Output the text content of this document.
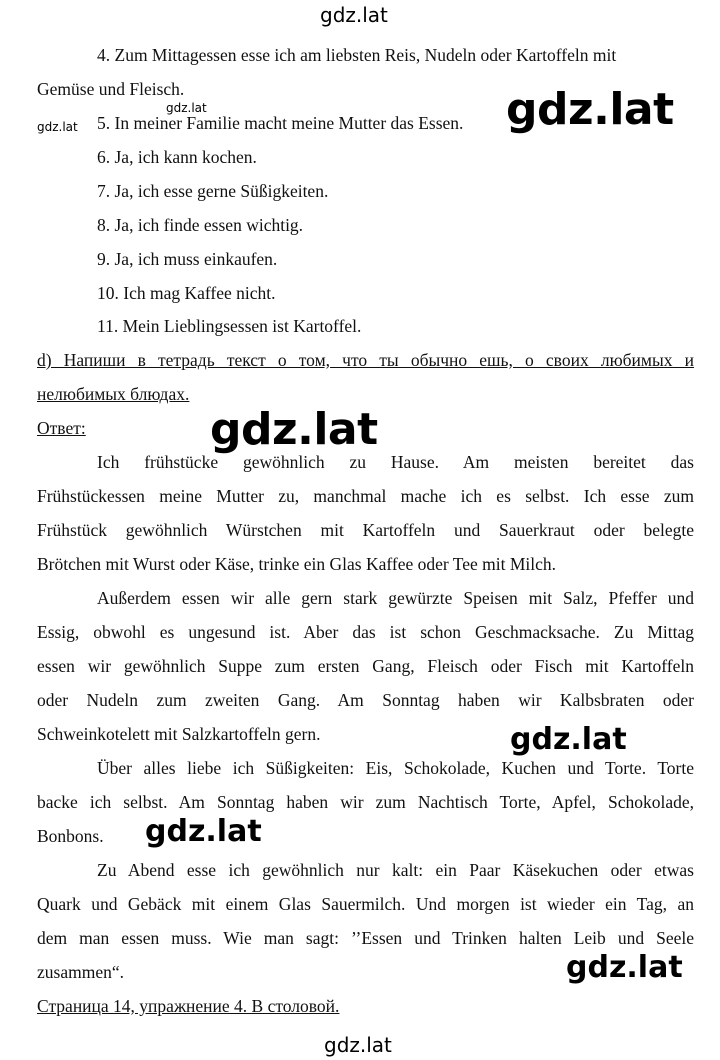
gdz.lat
gdz.lat
gdz.lat	gdz.lat
gdz.lat
gdz.lat
gdz.lat
gdz.lat
gdz.lat
4. Zum Mittagessen esse ich am liebsten Reis, Nudeln oder Kartoffeln mit
Gemüse und Fleisch.
5. In meiner Familie macht meine Mutter das Essen.
6. Ja, ich kann kochen.
7. Ja, ich esse gerne Süßigkeiten.
8. Ja, ich finde essen wichtig.
9. Ja, ich muss einkaufen.
10. Ich mag Kaffee nicht.
11. Mein Lieblingsessen ist Kartoffel.
d) Напиши в тетрадь текст о том, что ты обычно ешь, о своих любимых и
нелюбимых блюдах.
Ответ:
Ich frühstücke gewöhnlich zu Hause. Am meisten bereitet das
Frühstückessen meine Mutter zu, manchmal mache ich es selbst. Ich esse zum
Frühstück gewöhnlich Würstchen mit Kartoffeln und Sauerkraut oder belegte
Brötchen mit Wurst oder Käse, trinke ein Glas Kaffee oder Tee mit Milch.
Außerdem essen wir alle gern stark gewürzte Speisen mit Salz, Pfeffer und
Essig, obwohl es ungesund ist. Aber das ist schon Geschmacksache. Zu Mittag
essen wir gewöhnlich Suppe zum ersten Gang, Fleisch oder Fisch mit Kartoffeln
oder Nudeln zum zweiten Gang. Am Sonntag haben wir Kalbsbraten oder
Schweinkotelett mit Salzkartoffeln gern.
Über alles liebe ich Süßigkeiten: Eis, Schokolade, Kuchen und Torte. Torte
backe ich selbst. Am Sonntag haben wir zum Nachtisch Torte, Apfel, Schokolade,
Bonbons.
Zu Abend esse ich gewöhnlich nur kalt: ein Paar Käsekuchen oder etwas
Quark und Gebäck mit einem Glas Sauermilch. Und morgen ist wieder ein Tag, an
dem man essen muss. Wie man sagt: ’’Essen und Trinken halten Leib und Seele
zusammen“.
Страница 14, упражнение 4. В столовой.
